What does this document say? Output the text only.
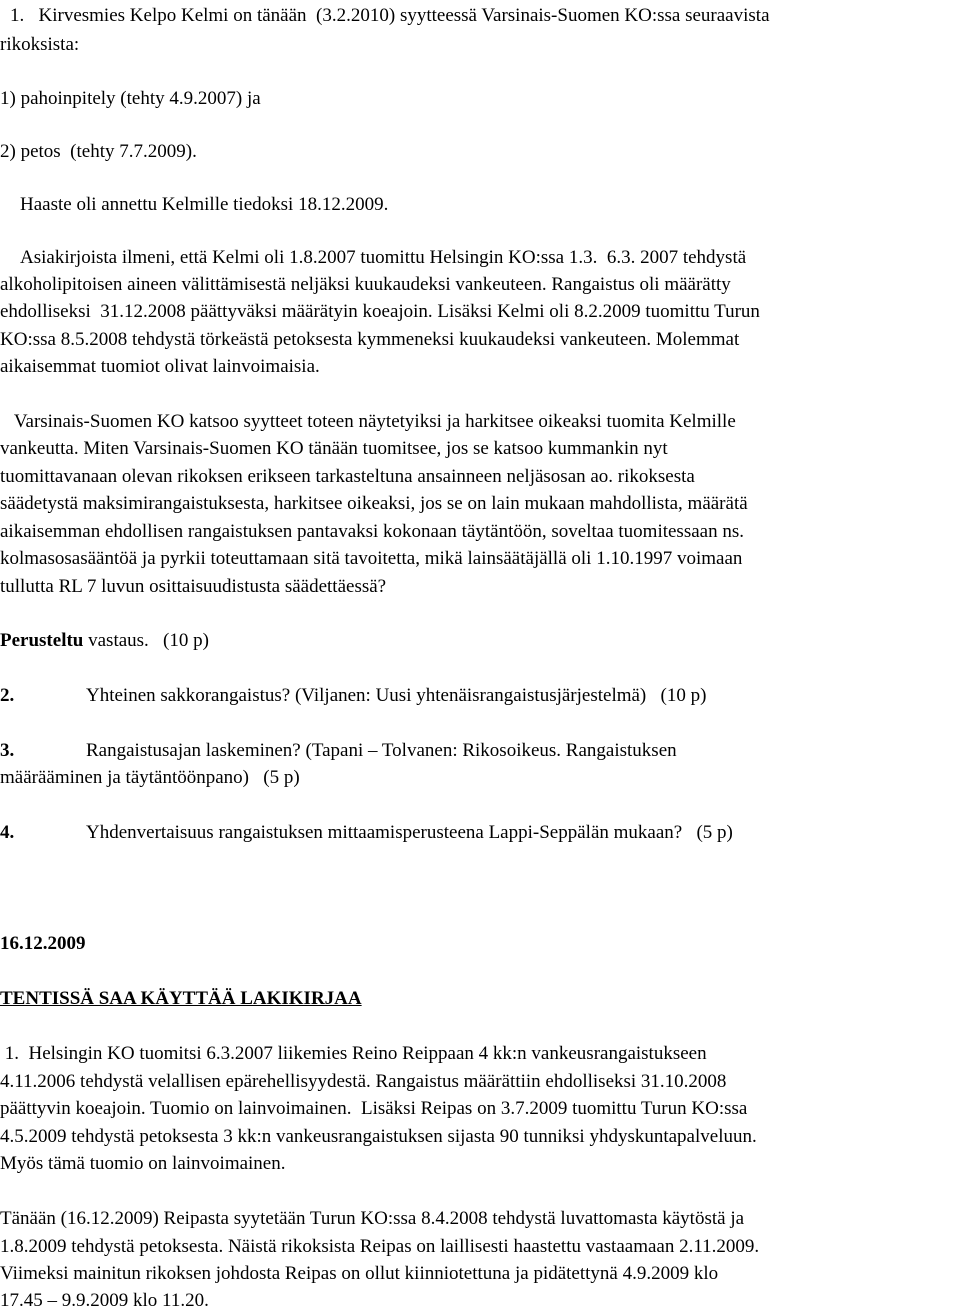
1.   Kirvesmies Kelpo Kelmi on tänään  (3.2.2010) syytteessä Varsinais-Suomen KO:ssa seuraavista

rikoksista:

1) pahoinpitely (tehty 4.9.2007) ja

2) petos  (tehty 7.7.2009).

Haaste oli annettu Kelmille tiedoksi 18.12.2009.

Asiakirjoista ilmeni, että Kelmi oli 1.8.2007 tuomittu Helsingin KO:ssa 1.3.  6.3. 2007 tehdystä

alkoholipitoisen aineen välittämisestä neljäksi kuukaudeksi vankeuteen. Rangaistus oli määrätty

ehdolliseksi  31.12.2008 päättyväksi määrätyin koeajoin. Lisäksi Kelmi oli 8.2.2009 tuomittu Turun

KO:ssa 8.5.2008 tehdystä törkeästä petoksesta kymmeneksi kuukaudeksi vankeuteen. Molemmat

aikaisemmat tuomiot olivat lainvoimaisia.

Varsinais-Suomen KO katsoo syytteet toteen näytetyiksi ja harkitsee oikeaksi tuomita Kelmille

vankeutta. Miten Varsinais-Suomen KO tänään tuomitsee, jos se katsoo kummankin nyt

tuomittavanaan olevan rikoksen erikseen tarkasteltuna ansainneen neljäsosan ao. rikoksesta

säädetystä maksimirangaistuksesta, harkitsee oikeaksi, jos se on lain mukaan mahdollista, määrätä

aikaisemman ehdollisen rangaistuksen pantavaksi kokonaan täytäntöön, soveltaa tuomitessaan ns.

kolmasosasääntöä ja pyrkii toteuttamaan sitä tavoitetta, mikä lainsäätäjällä oli 1.10.1997 voimaan

tullutta RL 7 luvun osittaisuudistusta säädettäessä?

Perusteltu vastaus.   (10 p)

2.	Yhteinen sakkorangaistus? (Viljanen: Uusi yhtenäisrangaistusjärjestelmä)   (10 p)

3.	Rangaistusajan laskeminen? (Tapani – Tolvanen: Rikosoikeus. Rangaistuksen

määrääminen ja täytäntöönpano)   (5 p)

4.	Yhdenvertaisuus rangaistuksen mittaamisperusteena Lappi-Seppälän mukaan?   (5 p)

16.12.2009

TENTISSÄ SAA KÄYTTÄÄ LAKIKIRJAA

1.  Helsingin KO tuomitsi 6.3.2007 liikemies Reino Reippaan 4 kk:n vankeusrangaistukseen

4.11.2006 tehdystä velallisen epärehellisyydestä. Rangaistus määrättiin ehdolliseksi 31.10.2008

päättyvin koeajoin. Tuomio on lainvoimainen.  Lisäksi Reipas on 3.7.2009 tuomittu Turun KO:ssa

4.5.2009 tehdystä petoksesta 3 kk:n vankeusrangaistuksen sijasta 90 tunniksi yhdyskuntapalveluun.

Myös tämä tuomio on lainvoimainen.

Tänään (16.12.2009) Reipasta syytetään Turun KO:ssa 8.4.2008 tehdystä luvattomasta käytöstä ja

1.8.2009 tehdystä petoksesta. Näistä rikoksista Reipas on laillisesti haastettu vastaamaan 2.11.2009.

Viimeksi mainitun rikoksen johdosta Reipas on ollut kiinniotettuna ja pidätettynä 4.9.2009 klo

17.45 – 9.9.2009 klo 11.20.
